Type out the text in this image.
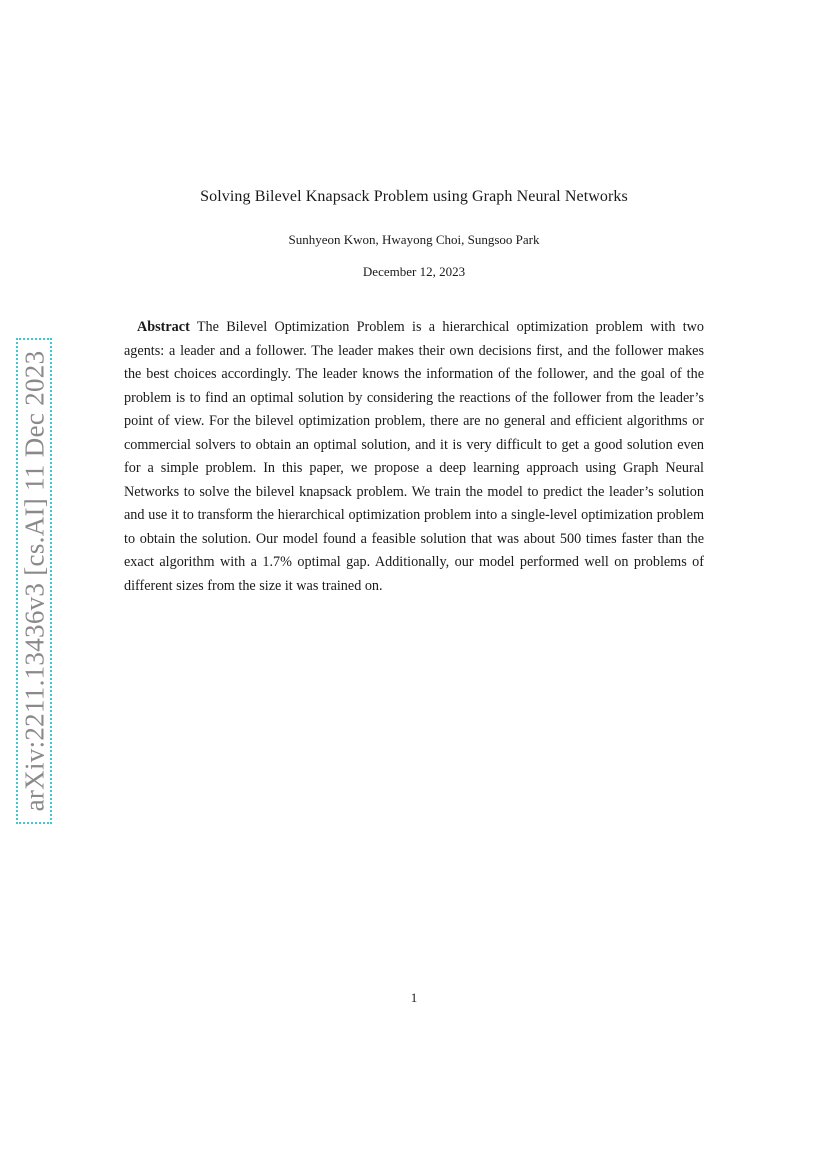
arXiv:2211.13436v3 [cs.AI] 11 Dec 2023
Solving Bilevel Knapsack Problem using Graph Neural Networks
Sunhyeon Kwon, Hwayong Choi, Sungsoo Park
December 12, 2023

Abstract The Bilevel Optimization Problem is a hierarchical optimization problem with two agents: a leader and a follower. The leader makes their own decisions first, and the follower makes the best choices accordingly. The leader knows the information of the follower, and the goal of the problem is to find an optimal solution by considering the reactions of the follower from the leader’s point of view. For the bilevel optimization problem, there are no general and efficient algorithms or commercial solvers to obtain an optimal solution, and it is very difficult to get a good solution even for a simple problem. In this paper, we propose a deep learning approach using Graph Neural Networks to solve the bilevel knapsack problem. We train the model to predict the leader’s solution and use it to transform the hierarchical optimization problem into a single-level optimization problem to obtain the solution. Our model found a feasible solution that was about 500 times faster than the exact algorithm with a 1.7% optimal gap. Additionally, our model performed well on problems of different sizes from the size it was trained on.

1
